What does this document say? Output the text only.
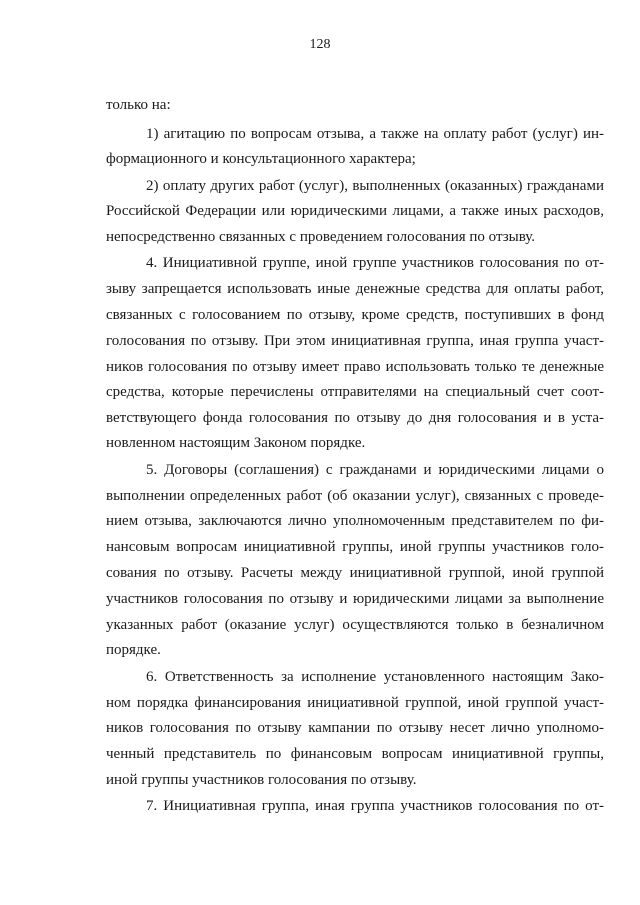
128
только на:
1) агитацию по вопросам отзыва, а также на оплату работ (услуг) ин-
формационного и консультационного характера;
2) оплату других работ (услуг), выполненных (оказанных) гражданами
Российской Федерации или юридическими лицами, а также иных расходов,
непосредственно связанных с проведением голосования по отзыву.
4. Инициативной группе, иной группе участников голосования по от-
зыву запрещается использовать иные денежные средства для оплаты работ,
связанных с голосованием по отзыву, кроме средств, поступивших в фонд
голосования по отзыву. При этом инициативная группа, иная группа участ-
ников голосования по отзыву имеет право использовать только те денежные
средства, которые перечислены отправителями на специальный счет соот-
ветствующего фонда голосования по отзыву до дня голосования и в уста-
новленном настоящим Законом порядке.
5. Договоры (соглашения) с гражданами и юридическими лицами о
выполнении определенных работ (об оказании услуг), связанных с проведе-
нием отзыва, заключаются лично уполномоченным представителем по фи-
нансовым вопросам инициативной группы, иной группы участников голо-
сования по отзыву. Расчеты между инициативной группой, иной группой
участников голосования по отзыву и юридическими лицами за выполнение
указанных работ (оказание услуг) осуществляются только в безналичном
порядке.
6. Ответственность за исполнение установленного настоящим Зако-
ном порядка финансирования инициативной группой, иной группой участ-
ников голосования по отзыву кампании по отзыву несет лично уполномо-
ченный представитель по финансовым вопросам инициативной группы,
иной группы участников голосования по отзыву.
7. Инициативная группа, иная группа участников голосования по от-
